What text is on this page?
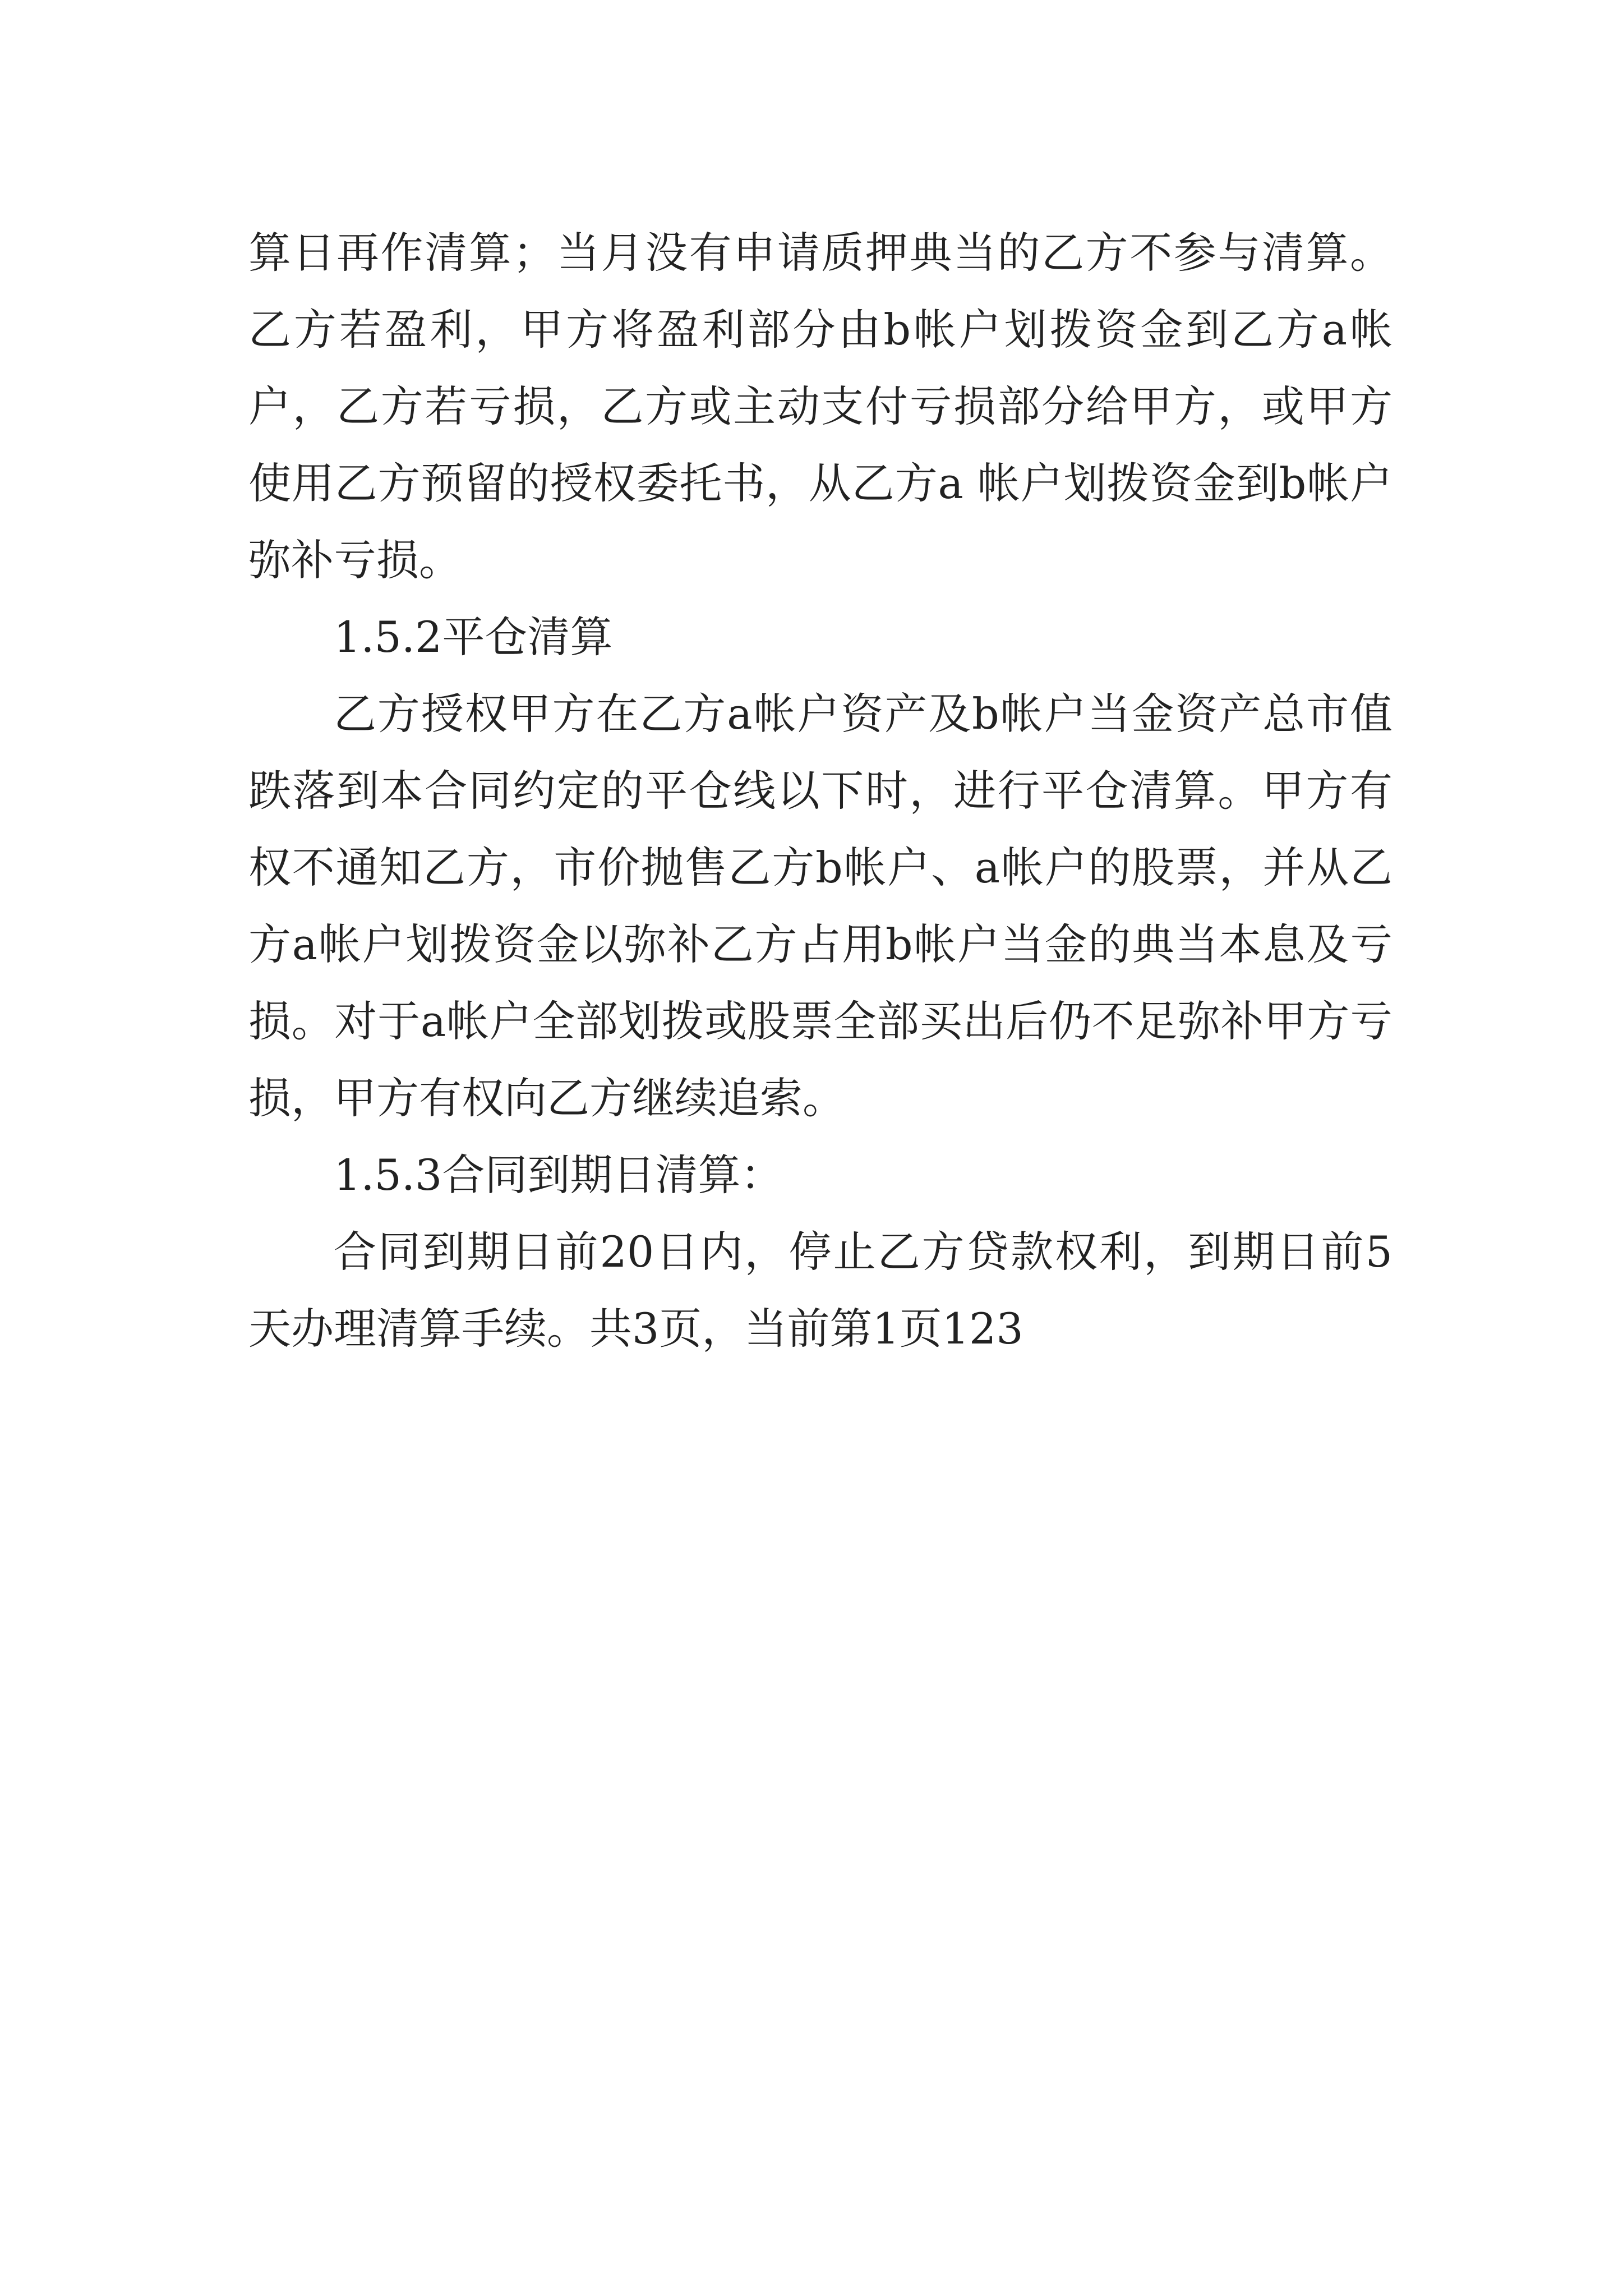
算日再作清算；当月没有申请质押典当的乙方不参与清算。乙方若盈利，甲方将盈利部分由b帐户划拨资金到乙方a帐户，乙方若亏损，乙方或主动支付亏损部分给甲方，或甲方使用乙方预留的授权委托书，从乙方a 帐户划拨资金到b帐户弥补亏损。

1.5.2平仓清算

乙方授权甲方在乙方a帐户资产及b帐户当金资产总市值跌落到本合同约定的平仓线以下时，进行平仓清算。甲方有权不通知乙方，市价抛售乙方b帐户、a帐户的股票，并从乙方a帐户划拨资金以弥补乙方占用b帐户当金的典当本息及亏损。对于a帐户全部划拨或股票全部买出后仍不足弥补甲方亏损，甲方有权向乙方继续追索。

1.5.3合同到期日清算：

合同到期日前20日内，停止乙方贷款权利，到期日前5天办理清算手续。共3页，当前第1页123
